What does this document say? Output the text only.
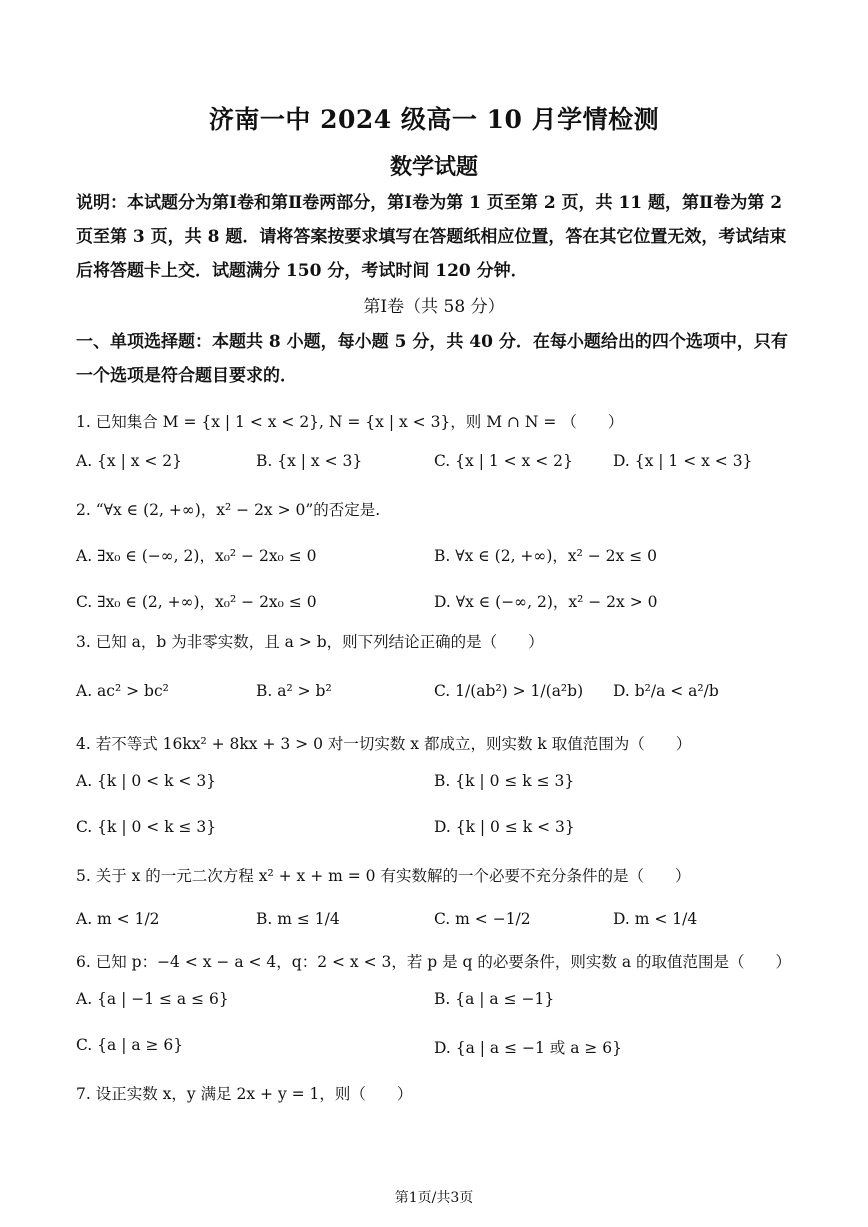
济南一中 2024 级高一 10 月学情检测
数学试题
说明：本试题分为第Ⅰ卷和第Ⅱ卷两部分，第Ⅰ卷为第 1 页至第 2 页，共 11 题，第Ⅱ卷为第 2 页至第 3 页，共 8 题．请将答案按要求填写在答题纸相应位置，答在其它位置无效，考试结束后将答题卡上交．试题满分 150 分，考试时间 120 分钟．
第Ⅰ卷（共 58 分）
一、单项选择题：本题共 8 小题，每小题 5 分，共 40 分．在每小题给出的四个选项中，只有一个选项是符合题目要求的．
1. 已知集合 M = {x | 1 < x < 2}, N = {x | x < 3}，则 M ∩ N = （　　）
A. {x | x < 2}	B. {x | x < 3}	C. {x | 1 < x < 2}	D. {x | 1 < x < 3}
2. “∀x ∈ (2, +∞)，x² − 2x > 0”的否定是.
A. ∃x₀ ∈ (−∞, 2)，x₀² − 2x₀ ≤ 0	B. ∀x ∈ (2, +∞)，x² − 2x ≤ 0
C. ∃x₀ ∈ (2, +∞)，x₀² − 2x₀ ≤ 0	D. ∀x ∈ (−∞, 2)，x² − 2x > 0
3. 已知 a，b 为非零实数，且 a > b，则下列结论正确的是（　　）
A. ac² > bc²	B. a² > b²	C. 1/(ab²) > 1/(a²b) D. b²/a < a²/b
4. 若不等式 16kx² + 8kx + 3 > 0 对一切实数 x 都成立，则实数 k 取值范围为（　　）
A. {k | 0 < k < 3}	B. {k | 0 ≤ k ≤ 3}
C. {k | 0 < k ≤ 3}	D. {k | 0 ≤ k < 3}
5. 关于 x 的一元二次方程 x² + x + m = 0 有实数解的一个必要不充分条件的是（　　）
A. m < 1/2	B. m ≤ 1/4	C. m < −1/2	D. m < 1/4
6. 已知 p：−4 < x − a < 4，q：2 < x < 3，若 p 是 q 的必要条件，则实数 a 的取值范围是（　　）
A. {a | −1 ≤ a ≤ 6}	B. {a | a ≤ −1}
C. {a | a ≥ 6}	D. {a | a ≤ −1 或 a ≥ 6}
7. 设正实数 x，y 满足 2x + y = 1，则（　　）
第1页/共3页
